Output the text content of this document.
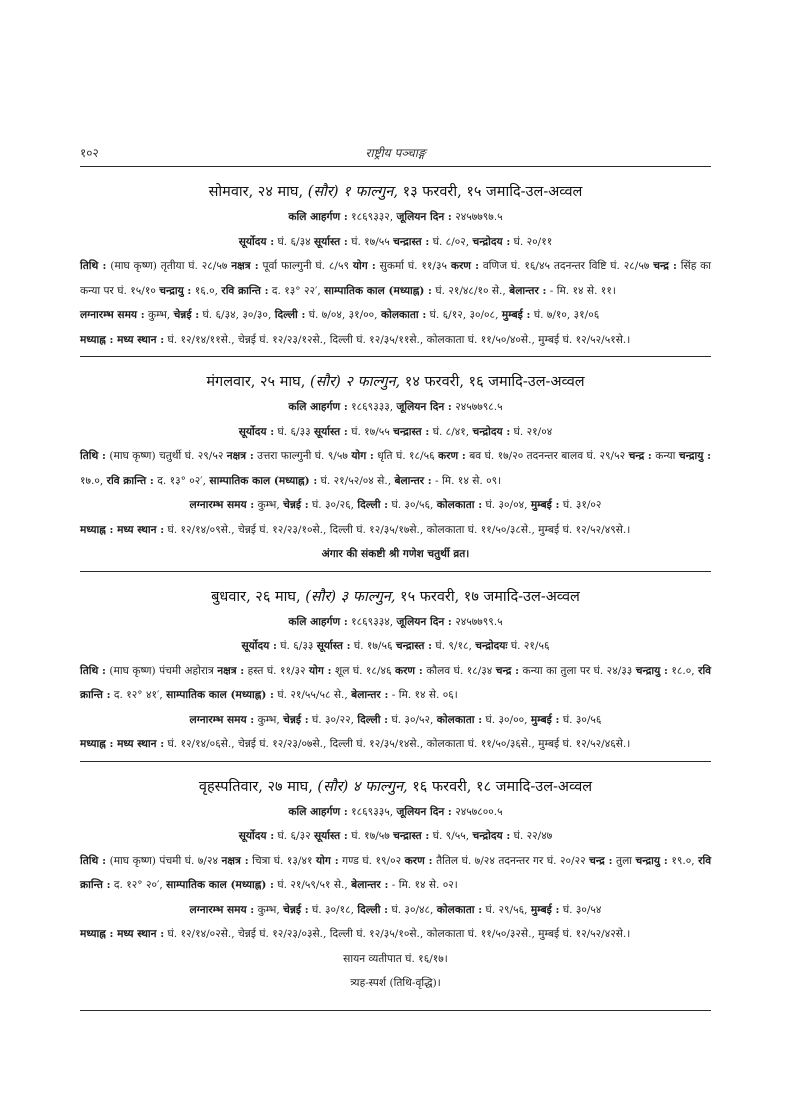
१०२	राष्ट्रीय पञ्चाङ्ग
सोमवार, २४ माघ, (सौर) १ फाल्गुन, १३ फरवरी, १५ जमादि-उल-अव्वल
कलि आहर्गण : १८६९३३२, जूलियन दिन : २४५७७९७.५
सूर्योदय : घं. ६/३४ सूर्यास्त : घं. १७/५५ चन्द्रास्त : घं. ८/०२, चन्द्रोदय : घं. २०/११
तिथि : (माघ कृष्ण) तृतीया घं. २८/५७ नक्षत्र : पूर्वा फाल्गुनी घं. ८/५९ योग : सुकर्मा घं. ११/३५ करण : वणिज घं. १६/४५ तदनन्तर विष्टि घं. २८/५७ चन्द्र : सिंह का कन्या पर घं. १५/१० चन्द्रायु : १६.०, रवि क्रान्ति : द. १३° २२′, साम्पातिक काल (मध्याह्न) : घं. २१/४८/१० से., बेलान्तर : - मि. १४ से. ११।
लग्नारम्भ समय : कुम्भ, चेन्नई : घं. ६/३४, ३०/३०, दिल्ली : घं. ७/०४, ३१/००, कोलकाता : घं. ६/१२, ३०/०८, मुम्बई : घं. ७/१०, ३१/०६
मध्याह्न : मध्य स्थान : घं. १२/१४/११से., चेन्नई घं. १२/२३/१२से., दिल्ली घं. १२/३५/११से., कोलकाता घं. ११/५०/४०से., मुम्बई घं. १२/५२/५१से.।
मंगलवार, २५ माघ, (सौर) २ फाल्गुन, १४ फरवरी, १६ जमादि-उल-अव्वल
कलि आहर्गण : १८६९३३३, जूलियन दिन : २४५७७९८.५
सूर्योदय : घं. ६/३३ सूर्यास्त : घं. १७/५५ चन्द्रास्त : घं. ८/४१, चन्द्रोदय : घं. २१/०४
तिथि : (माघ कृष्ण) चतुर्थी घं. २९/५२ नक्षत्र : उत्तरा फाल्गुनी घं. ९/५७ योग : धृति घं. १८/५६ करण : बव घं. १७/२० तदनन्तर बालव घं. २९/५२ चन्द्र : कन्या चन्द्रायु : १७.०, रवि क्रान्ति : द. १३° ०२′, साम्पातिक काल (मध्याह्न) : घं. २१/५२/०४ से., बेलान्तर : - मि. १४ से. ०९।
लग्नारम्भ समय : कुम्भ, चेन्नई : घं. ३०/२६, दिल्ली : घं. ३०/५६, कोलकाता : घं. ३०/०४, मुम्बई : घं. ३१/०२
मध्याह्न : मध्य स्थान : घं. १२/१४/०९से., चेन्नई घं. १२/२३/१०से., दिल्ली घं. १२/३५/१७से., कोलकाता घं. ११/५०/३८से., मुम्बई घं. १२/५२/४९से.।
अंगार की संकष्टी श्री गणेश चतुर्थी व्रत।
बुधवार, २६ माघ, (सौर) ३ फाल्गुन, १५ फरवरी, १७ जमादि-उल-अव्वल
कलि आहर्गण : १८६९३३४, जूलियन दिन : २४५७७९९.५
सूर्योदय : घं. ६/३३ सूर्यास्त : घं. १७/५६ चन्द्रास्त : घं. ९/१८, चन्द्रोदयः घं. २१/५६
तिथि : (माघ कृष्ण) पंचमी अहोरात्र नक्षत्र : हस्त घं. ११/३२ योग : शूल घं. १८/४६ करण : कौलव घं. १८/३४ चन्द्र : कन्या का तुला पर घं. २४/३३ चन्द्रायु : १८.०, रवि क्रान्ति : द. १२° ४१′, साम्पातिक काल (मध्याह्न) : घं. २१/५५/५८ से., बेलान्तर : - मि. १४ से. ०६।
लग्नारम्भ समय : कुम्भ, चेन्नई : घं. ३०/२२, दिल्ली : घं. ३०/५२, कोलकाता : घं. ३०/००, मुम्बई : घं. ३०/५६
मध्याह्न : मध्य स्थान : घं. १२/१४/०६से., चेन्नई घं. १२/२३/०७से., दिल्ली घं. १२/३५/१४से., कोलकाता घं. ११/५०/३६से., मुम्बई घं. १२/५२/४६से.।
वृहस्पतिवार, २७ माघ, (सौर) ४ फाल्गुन, १६ फरवरी, १८ जमादि-उल-अव्वल
कलि आहर्गण : १८६९३३५, जूलियन दिन : २४५७८००.५
सूर्योदय : घं. ६/३२ सूर्यास्त : घं. १७/५७ चन्द्रास्त : घं. ९/५५, चन्द्रोदय : घं. २२/४७
तिथि : (माघ कृष्ण) पंचमी घं. ७/२४ नक्षत्र : चित्रा घं. १३/४१ योग : गण्ड घं. १९/०२ करण : तैतिल घं. ७/२४ तदनन्तर गर घं. २०/२२ चन्द्र : तुला चन्द्रायु : १९.०, रवि क्रान्ति : द. १२° २०′, साम्पातिक काल (मध्याह्न) : घं. २१/५९/५१ से., बेलान्तर : - मि. १४ से. ०२।
लग्नारम्भ समय : कुम्भ, चेन्नई : घं. ३०/१८, दिल्ली : घं. ३०/४८, कोलकाता : घं. २९/५६, मुम्बई : घं. ३०/५४
मध्याह्न : मध्य स्थान : घं. १२/१४/०२से., चेन्नई घं. १२/२३/०३से., दिल्ली घं. १२/३५/१०से., कोलकाता घं. ११/५०/३२से., मुम्बई घं. १२/५२/४२से.।
सायन व्यतीपात घं. १६/१७।
त्र्यह-स्पर्श (तिथि-वृद्धि)।
